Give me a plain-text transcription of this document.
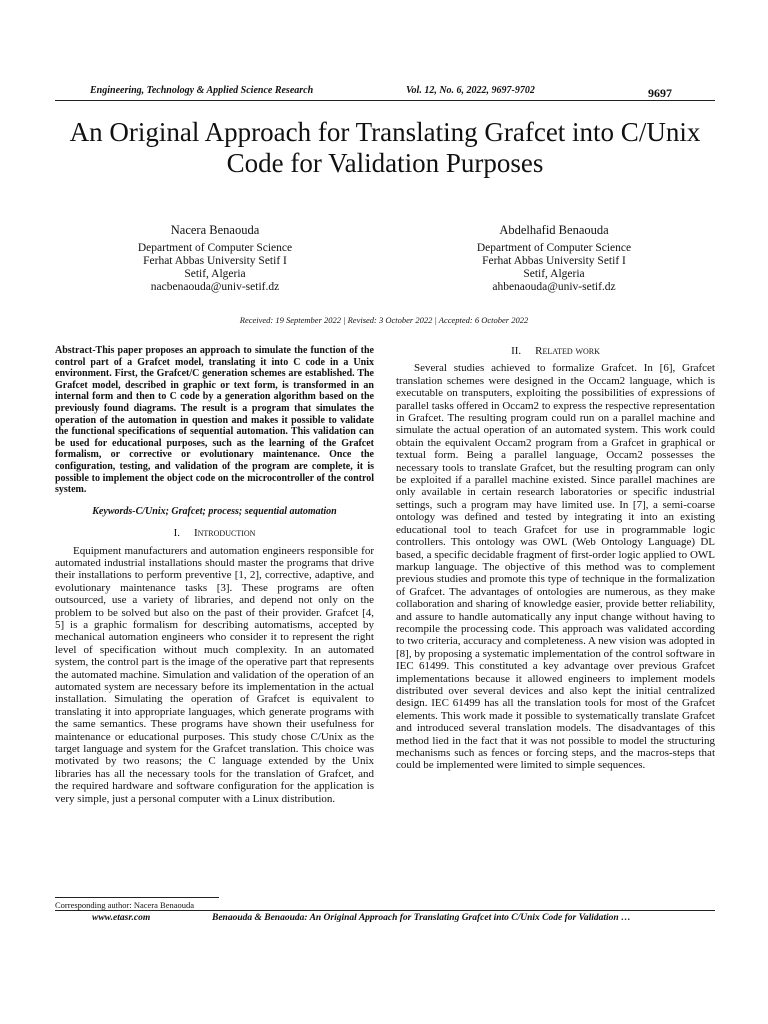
Engineering, Technology & Applied Science Research	Vol. 12, No. 6, 2022, 9697-9702	9697
An Original Approach for Translating Grafcet into C/Unix Code for Validation Purposes
Nacera Benaouda
Department of Computer Science
Ferhat Abbas University Setif I
Setif, Algeria
nacbenaouda@univ-setif.dz
Abdelhafid Benaouda
Department of Computer Science
Ferhat Abbas University Setif I
Setif, Algeria
ahbenaouda@univ-setif.dz
Received: 19 September 2022 | Revised: 3 October 2022 | Accepted: 6 October 2022

Abstract-This paper proposes an approach to simulate the function of the control part of a Grafcet model, translating it into C code in a Unix environment. First, the Grafcet/C generation schemes are established. The Grafcet model, described in graphic or text form, is transformed in an internal form and then to C code by a generation algorithm based on the previously found diagrams. The result is a program that simulates the operation of the automation in question and makes it possible to validate the functional specifications of sequential automation. This validation can be used for educational purposes, such as the learning of the Grafcet formalism, or corrective or evolutionary maintenance. Once the configuration, testing, and validation of the program are complete, it is possible to implement the object code on the microcontroller of the control system.

Keywords-C/Unix; Grafcet; process; sequential automation

I. Introduction

Equipment manufacturers and automation engineers responsible for automated industrial installations should master the programs that drive their installations to perform preventive [1, 2], corrective, adaptive, and evolutionary maintenance tasks [3]. These programs are often outsourced, use a variety of libraries, and depend not only on the problem to be solved but also on the past of their provider. Grafcet [4, 5] is a graphic formalism for describing automatisms, accepted by mechanical automation engineers who consider it to represent the right level of specification without much complexity. In an automated system, the control part is the image of the operative part that represents the automated machine. Simulation and validation of the operation of an automated system are necessary before its implementation in the actual installation. Simulating the operation of Grafcet is equivalent to translating it into appropriate languages, which generate programs with the same semantics. These programs have shown their usefulness for maintenance or educational purposes. This study chose C/Unix as the target language and system for the Grafcet translation. This choice was motivated by two reasons; the C language extended by the Unix libraries has all the necessary tools for the translation of Grafcet, and the required hardware and software configuration for the application is very simple, just a personal computer with a Linux distribution.

II. Related work

Several studies achieved to formalize Grafcet. In [6], Grafcet translation schemes were designed in the Occam2 language, which is executable on transputers, exploiting the possibilities of expressions of parallel tasks offered in Occam2 to express the respective representation in Grafcet. The resulting program could run on a parallel machine and simulate the actual operation of an automated system. This work could obtain the equivalent Occam2 program from a Grafcet in graphical or textual form. Being a parallel language, Occam2 possesses the necessary tools to translate Grafcet, but the resulting program can only be exploited if a parallel machine existed. Since parallel machines are only available in certain research laboratories or specific industrial settings, such a program may have limited use. In [7], a semi-coarse ontology was defined and tested by integrating it into an existing educational tool to teach Grafcet for use in programmable logic controllers. This ontology was OWL (Web Ontology Language) DL based, a specific decidable fragment of first-order logic applied to OWL markup language. The objective of this method was to complement previous studies and promote this type of technique in the formalization of Grafcet. The advantages of ontologies are numerous, as they make collaboration and sharing of knowledge easier, provide better reliability, and assure to handle automatically any input change without having to recompile the processing code. This approach was validated according to two criteria, accuracy and completeness. A new vision was adopted in [8], by proposing a systematic implementation of the control software in IEC 61499. This constituted a key advantage over previous Grafcet implementations because it allowed engineers to implement models distributed over several devices and also kept the initial centralized design. IEC 61499 has all the translation tools for most of the Grafcet elements. This work made it possible to systematically translate Grafcet and introduced several translation models. The disadvantages of this method lied in the fact that it was not possible to model the structuring mechanisms such as fences or forcing steps, and the macros-steps that could be implemented were limited to simple sequences.

Corresponding author: Nacera Benaouda
www.etasr.com	Benaouda & Benaouda: An Original Approach for Translating Grafcet into C/Unix Code for Validation …
